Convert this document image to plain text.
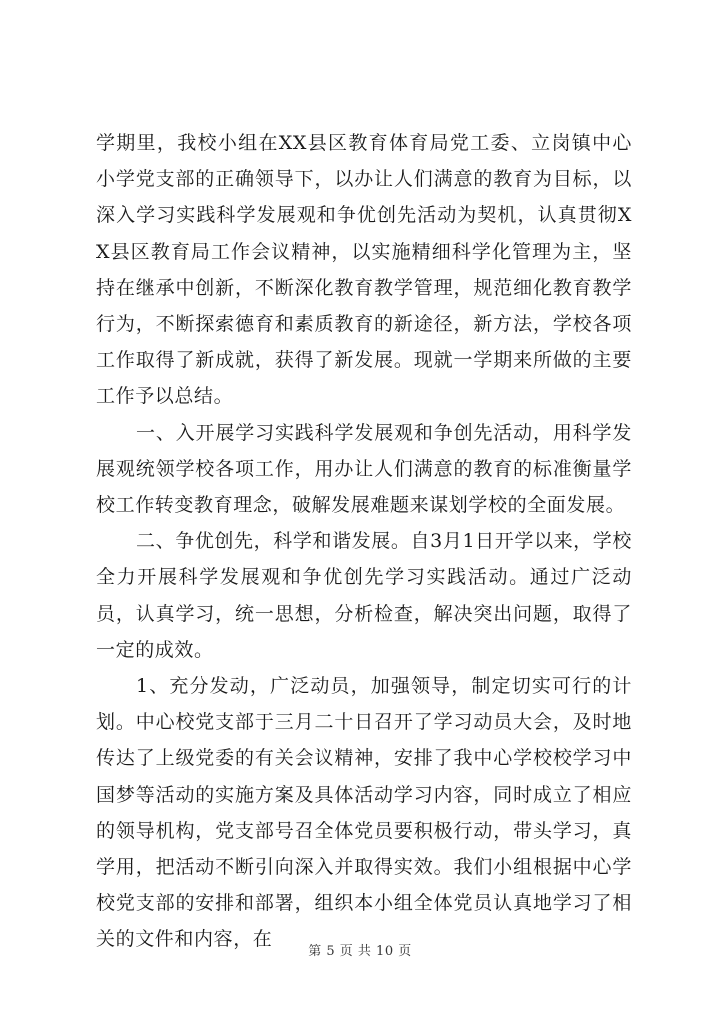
学期里，我校小组在XX县区教育体育局党工委、立岗镇中心小学党支部的正确领导下，以办让人们满意的教育为目标，以深入学习实践科学发展观和争优创先活动为契机，认真贯彻XX县区教育局工作会议精神，以实施精细科学化管理为主，坚持在继承中创新，不断深化教育教学管理，规范细化教育教学行为，不断探索德育和素质教育的新途径，新方法，学校各项工作取得了新成就，获得了新发展。现就一学期来所做的主要工作予以总结。

一、入开展学习实践科学发展观和争创先活动，用科学发展观统领学校各项工作，用办让人们满意的教育的标准衡量学校工作转变教育理念，破解发展难题来谋划学校的全面发展。

二、争优创先，科学和谐发展。自3月1日开学以来，学校全力开展科学发展观和争优创先学习实践活动。通过广泛动员，认真学习，统一思想，分析检查，解决突出问题，取得了一定的成效。

1、充分发动，广泛动员，加强领导，制定切实可行的计划。中心校党支部于三月二十日召开了学习动员大会，及时地传达了上级党委的有关会议精神，安排了我中心学校校学习中国梦等活动的实施方案及具体活动学习内容，同时成立了相应的领导机构，党支部号召全体党员要积极行动，带头学习，真学用，把活动不断引向深入并取得实效。我们小组根据中心学校党支部的安排和部署，组织本小组全体党员认真地学习了相关的文件和内容，在

第 5 页 共 10 页
